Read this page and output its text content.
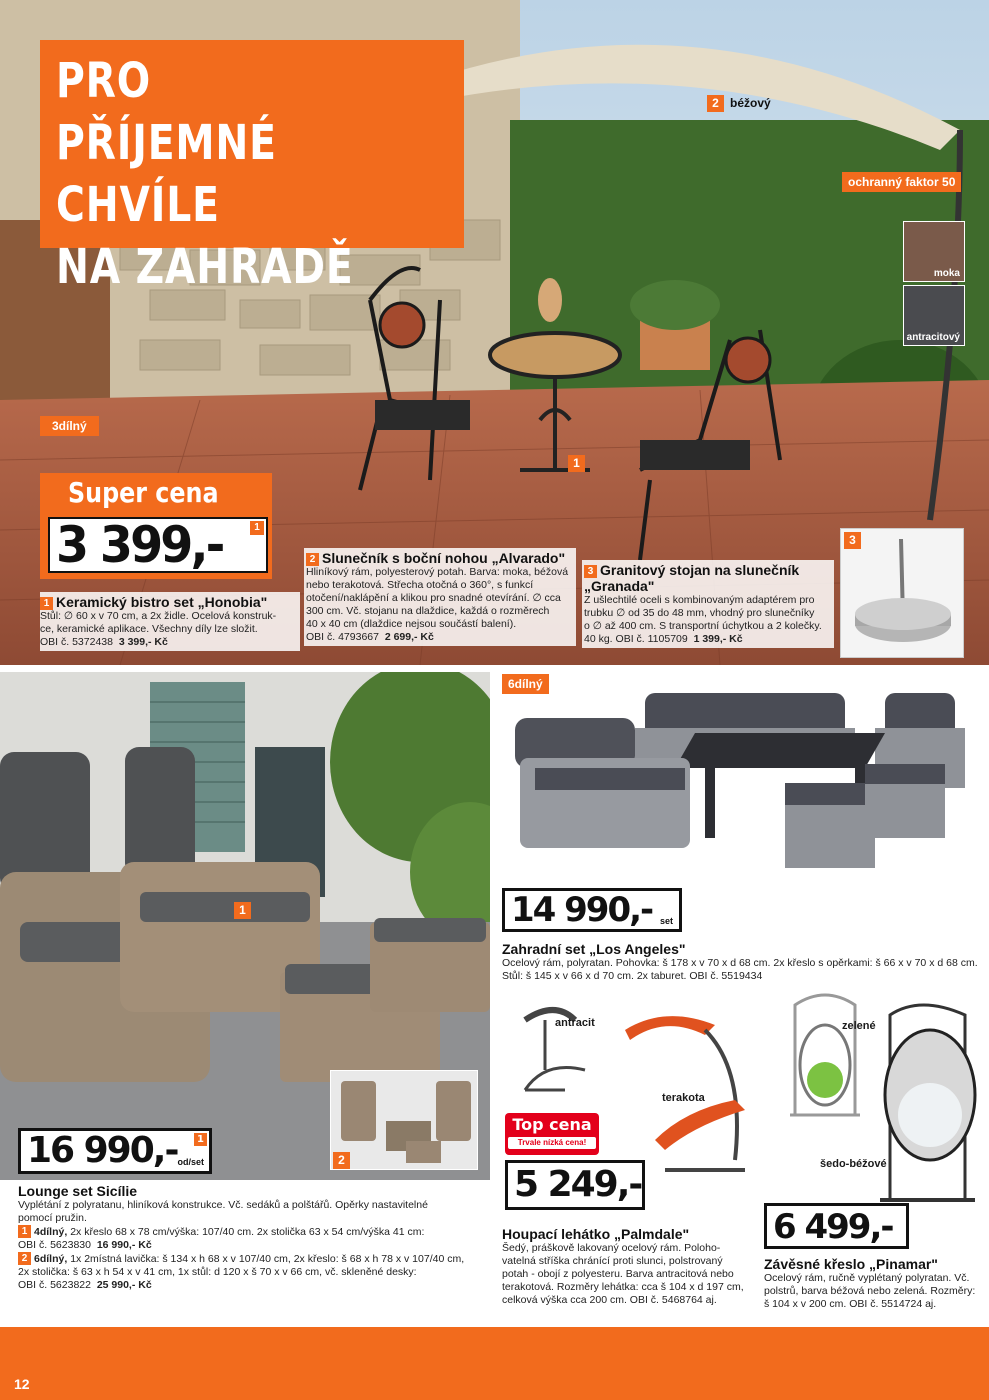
PRO PŘÍJEMNÉ
CHVÍLE
NA ZAHRADĚ
2 béžový
ochranný faktor 50
moka
antracitový
1
3dílný
Super cena
3 399,-	1
3
1 Keramický bistro set „Honobia"
Stůl: ∅ 60 x v 70 cm, a 2x židle. Ocelová konstruk-
ce, keramické aplikace. Všechny díly lze složit.
OBI č. 5372438 3 399,- Kč
2 Slunečník s boční nohou „Alvarado"
Hliníkový rám, polyesterový potah. Barva: moka, béžová
nebo terakotová. Střecha otočná o 360°, s funkcí
otočení/naklápění a klikou pro snadné otevírání. ∅ cca
300 cm. Vč. stojanu na dlaždice, každá o rozměrech
40 x 40 cm (dlaždice nejsou součástí balení).
OBI č. 4793667 2 699,- Kč
3 Granitový stojan na slunečník „Granada"
Z ušlechtilé oceli s kombinovaným adaptérem pro
trubku ∅ od 35 do 48 mm, vhodný pro slunečníky
o ∅ až 400 cm. S transportní úchytkou a 2 kolečky.
40 kg. OBI č. 1105709 1 399,- Kč
1
2
16 990,- od/set
1
Lounge set Sicílie
Vyplétání z polyratanu, hliníková konstrukce. Vč. sedáků a polštářů. Opěrky nastavitelné
pomocí pružin.
1 4dílný, 2x křeslo 68 x 78 cm/výška: 107/40 cm. 2x stolička 63 x 54 cm/výška 41 cm:
OBI č. 5623830 16 990,- Kč
2 6dílný, 1x 2místná lavička: š 134 x h 68 x v 107/40 cm, 2x křeslo: š 68 x h 78 x v 107/40 cm,
2x stolička: š 63 x h 54 x v 41 cm, 1x stůl: d 120 x š 70 x v 66 cm, vč. skleněné desky:
OBI č. 5623822 25 990,- Kč
6dílný
14 990,- set
Zahradní set „Los Angeles"
Ocelový rám, polyratan. Pohovka: š 178 x v 70 x d 68 cm. 2x křeslo s opěrkami: š 66 x v 70 x d 68 cm.
Stůl: š 145 x v 66 x d 70 cm. 2x taburet. OBI č. 5519434
antracit
terakota
Top cena
Trvale nízká cena!
5 249,-
Houpací lehátko „Palmdale"
Šedý, práškově lakovaný ocelový rám. Poloho-
vatelná stříška chránící proti slunci, polstrovaný
potah - obojí z polyesteru. Barva antracitová nebo
terakotová. Rozměry lehátka: cca š 104 x d 197 cm,
celková výška cca 200 cm. OBI č. 5468764 aj.
zelené
šedo-béžové
6 499,-
Závěsné křeslo „Pinamar"
Ocelový rám, ručně vyplétaný polyratan. Vč.
polstrů, barva béžová nebo zelená. Rozměry:
š 104 x v 200 cm. OBI č. 5514724 aj.
12
